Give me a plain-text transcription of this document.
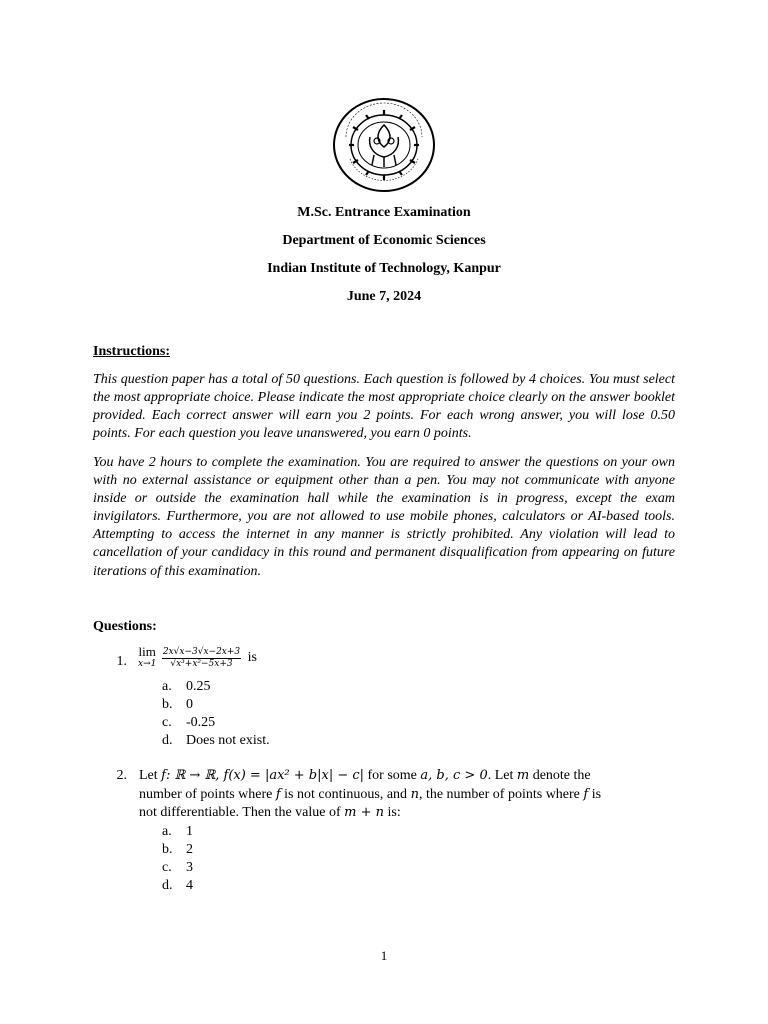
M.Sc. Entrance Examination
Department of Economic Sciences
Indian Institute of Technology, Kanpur
June 7, 2024
Instructions:
This question paper has a total of 50 questions. Each question is followed by 4 choices. You must select the most appropriate choice. Please indicate the most appropriate choice clearly on the answer booklet provided. Each correct answer will earn you 2 points. For each wrong answer, you will lose 0.50 points. For each question you leave unanswered, you earn 0 points.
You have 2 hours to complete the examination. You are required to answer the questions on your own with no external assistance or equipment other than a pen. You may not communicate with anyone inside or outside the examination hall while the examination is in progress, except the exam invigilators. Furthermore, you are not allowed to use mobile phones, calculators or AI-based tools. Attempting to access the internet in any manner is strictly prohibited. Any violation will lead to cancellation of your candidacy in this round and permanent disqualification from appearing on future iterations of this examination.
Questions:
1.
lim
x→1
$\frac{2x√x-3√x-2x+3}{\text{√x³+x²−5x+3}}$ is
a. 0.25
b. 0
c. -0.25
d. Does not exist.
2. Let f: ℝ → ℝ, f(x) = |ax² + b|x| − c| for some a, b, c > 0. Let m denote the
number of points where f is not continuous, and n, the number of points where f is
not differentiable. Then the value of m + n is:
a. 1
b. 2
c. 3
d. 4
1
